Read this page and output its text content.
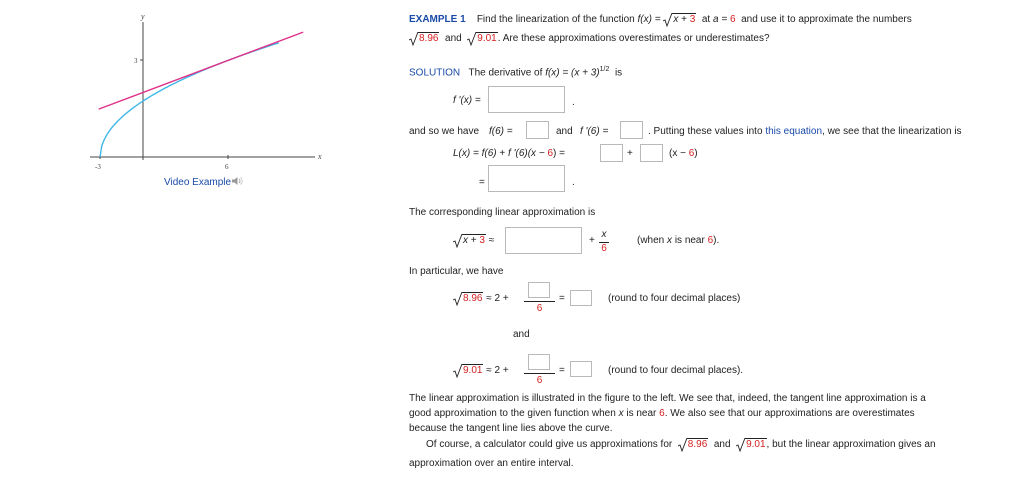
y
x
3
-3	6
Video Example
EXAMPLE 1 Find the linearization of the function f(x) = x + 3 at a = 6 and use it to approximate the numbers
8.96 and 9.01. Are these approximations overestimates or underestimates?
SOLUTION The derivative of $f(x) = (x + 3)^{1/2}$ is
f '(x) =	.
and so we have f(6) =	and f '(6) =	. Putting these values into this equation, we see that the linearization is
L(x) = f(6) + f '(6)(x − 6) =	+	(x − 6)
=	.
The corresponding linear approximation is
x + 3 ≈	+
x
6
(when x is near 6).
In particular, we have
8.96 ≈ 2 +
6
=	(round to four decimal places)
and
9.01 ≈ 2 +
6
=	(round to four decimal places).
The linear approximation is illustrated in the figure to the left. We see that, indeed, the tangent line approximation is a
good approximation to the given function when x is near 6. We also see that our approximations are overestimates
because the tangent line lies above the curve.
Of course, a calculator could give us approximations for 8.96 and 9.01, but the linear approximation gives an
approximation over an entire interval.
